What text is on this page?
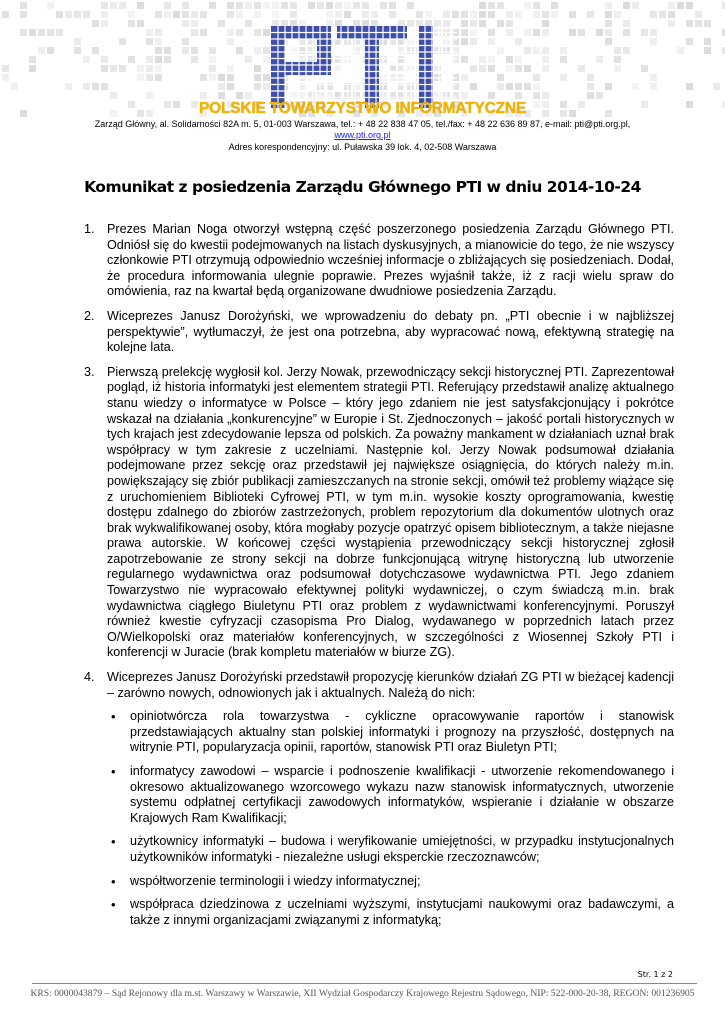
POLSKIE TOWARZYSTWO INFORMATYCZNE
Zarząd Główny, al. Solidarności 82A m. 5, 01-003 Warszawa, tel.: + 48 22 838 47 05, tel./fax: + 48 22 636 89 87, e-mail: pti@pti.org.pl,
www.pti.org.pl
Adres korespondencyjny: ul. Puławska 39 lok. 4, 02-508 Warszawa
Komunikat z posiedzenia Zarządu Głównego PTI w dniu 2014-10-24
1. Prezes Marian Noga otworzył wstępną część poszerzonego posiedzenia Zarządu Głównego PTI. Odniósł się do kwestii podejmowanych na listach dyskusyjnych, a mianowicie do tego, że nie wszyscy członkowie PTI otrzymują odpowiednio wcześniej informacje o zbliżających się posiedzeniach. Dodał, że procedura informowania ulegnie poprawie. Prezes wyjaśnił także, iż z racji wielu spraw do omówienia, raz na kwartał będą organizowane dwudniowe posiedzenia Zarządu.

2. Wiceprezes Janusz Dorożyński, we wprowadzeniu do debaty pn. „PTI obecnie i w najbliższej perspektywie”, wytłumaczył, że jest ona potrzebna, aby wypracować nową, efektywną strategię na kolejne lata.

3. Pierwszą prelekcję wygłosił kol. Jerzy Nowak, przewodniczący sekcji historycznej PTI. Zaprezentował pogląd, iż historia informatyki jest elementem strategii PTI. Referujący przedstawił analizę aktualnego stanu wiedzy o informatyce w Polsce – który jego zdaniem nie jest satysfakcjonujący i pokrótce wskazał na działania „konkurencyjne” w Europie i St. Zjednoczonych – jakość portali historycznych w tych krajach jest zdecydowanie lepsza od polskich. Za poważny mankament w działaniach uznał brak współpracy w tym zakresie z uczelniami. Następnie kol. Jerzy Nowak podsumował działania podejmowane przez sekcję oraz przedstawił jej największe osiągnięcia, do których należy m.in. powiększający się zbiór publikacji zamieszczanych na stronie sekcji, omówił też problemy wiążące się z uruchomieniem Biblioteki Cyfrowej PTI, w tym m.in. wysokie koszty oprogramowania, kwestię dostępu zdalnego do zbiorów zastrzeżonych, problem repozytorium dla dokumentów ulotnych oraz brak wykwalifikowanej osoby, która mogłaby pozycje opatrzyć opisem bibliotecznym, a także niejasne prawa autorskie. W końcowej części wystąpienia przewodniczący sekcji historycznej zgłosił zapotrzebowanie ze strony sekcji na dobrze funkcjonującą witrynę historyczną lub utworzenie regularnego wydawnictwa oraz podsumował dotychczasowe wydawnictwa PTI. Jego zdaniem Towarzystwo nie wypracowało efektywnej polityki wydawniczej, o czym świadczą m.in. brak wydawnictwa ciągłego Biuletynu PTI oraz problem z wydawnictwami konferencyjnymi. Poruszył również kwestie cyfryzacji czasopisma Pro Dialog, wydawanego w poprzednich latach przez O/Wielkopolski oraz materiałów konferencyjnych, w szczególności z Wiosennej Szkoły PTI i konferencji w Juracie (brak kompletu materiałów w biurze ZG).

4. Wiceprezes Janusz Dorożyński przedstawił propozycję kierunków działań ZG PTI w bieżącej kadencji – zarówno nowych, odnowionych jak i aktualnych. Należą do nich:

• opiniotwórcza rola towarzystwa - cykliczne opracowywanie raportów i stanowisk przedstawiających aktualny stan polskiej informatyki i prognozy na przyszłość, dostępnych na witrynie PTI, popularyzacja opinii, raportów, stanowisk PTI oraz Biuletyn PTI;

• informatycy zawodowi – wsparcie i podnoszenie kwalifikacji - utworzenie rekomendowanego i okresowo aktualizowanego wzorcowego wykazu nazw stanowisk informatycznych, utworzenie systemu odpłatnej certyfikacji zawodowych informatyków, wspieranie i działanie w obszarze Krajowych Ram Kwalifikacji;

• użytkownicy informatyki – budowa i weryfikowanie umiejętności, w przypadku instytucjonalnych użytkowników informatyki - niezależne usługi eksperckie rzeczoznawców;

• współtworzenie terminologii i wiedzy informatycznej;

• współpraca dziedzinowa z uczelniami wyższymi, instytucjami naukowymi oraz badawczymi, a także z innymi organizacjami związanymi z informatyką;

Str. 1 z 2
KRS: 0000043879 – Sąd Rejonowy dla m.st. Warszawy w Warszawie, XII Wydział Gospodarczy Krajowego Rejestru Sądowego, NIP: 522-000-20-38, REGON: 001236905
